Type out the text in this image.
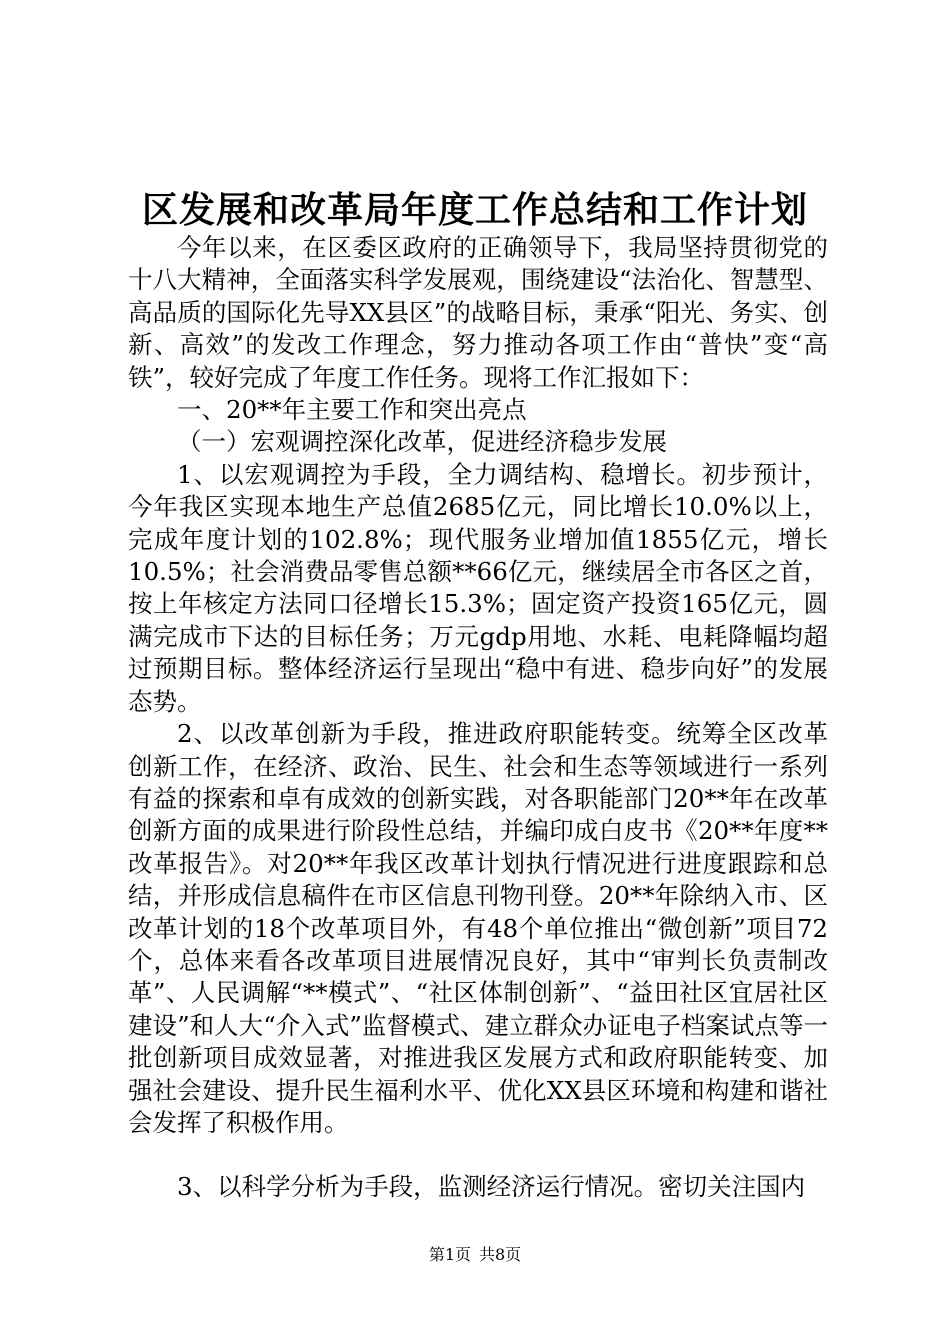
区发展和改革局年度工作总结和工作计划

今年以来，在区委区政府的正确领导下，我局坚持贯彻党的十八大精神，全面落实科学发展观，围绕建设“法治化、智慧型、高品质的国际化先导XX县区”的战略目标，秉承“阳光、务实、创新、高效”的发改工作理念，努力推动各项工作由“普快”变“高铁”，较好完成了年度工作任务。现将工作汇报如下：

一、20**年主要工作和突出亮点

（一）宏观调控深化改革，促进经济稳步发展

1、以宏观调控为手段，全力调结构、稳增长。初步预计，今年我区实现本地生产总值2685亿元，同比增长10.0%以上，完成年度计划的102.8%；现代服务业增加值1855亿元，增长10.5%；社会消费品零售总额**66亿元，继续居全市各区之首，按上年核定方法同口径增长15.3%；固定资产投资165亿元，圆满完成市下达的目标任务；万元gdp用地、水耗、电耗降幅均超过预期目标。整体经济运行呈现出“稳中有进、稳步向好”的发展态势。

2、以改革创新为手段，推进政府职能转变。统筹全区改革创新工作，在经济、政治、民生、社会和生态等领域进行一系列有益的探索和卓有成效的创新实践，对各职能部门20**年在改革创新方面的成果进行阶段性总结，并编印成白皮书《20**年度**改革报告》。对20**年我区改革计划执行情况进行进度跟踪和总结，并形成信息稿件在市区信息刊物刊登。20**年除纳入市、区改革计划的18个改革项目外，有48个单位推出“微创新”项目72个，总体来看各改革项目进展情况良好，其中“审判长负责制改革”、人民调解“**模式”、“社区体制创新”、“益田社区宜居社区建设”和人大“介入式”监督模式、建立群众办证电子档案试点等一批创新项目成效显著，对推进我区发展方式和政府职能转变、加强社会建设、提升民生福利水平、优化XX县区环境和构建和谐社会发挥了积极作用。

3、以科学分析为手段，监测经济运行情况。密切关注国内

第1页 共8页
